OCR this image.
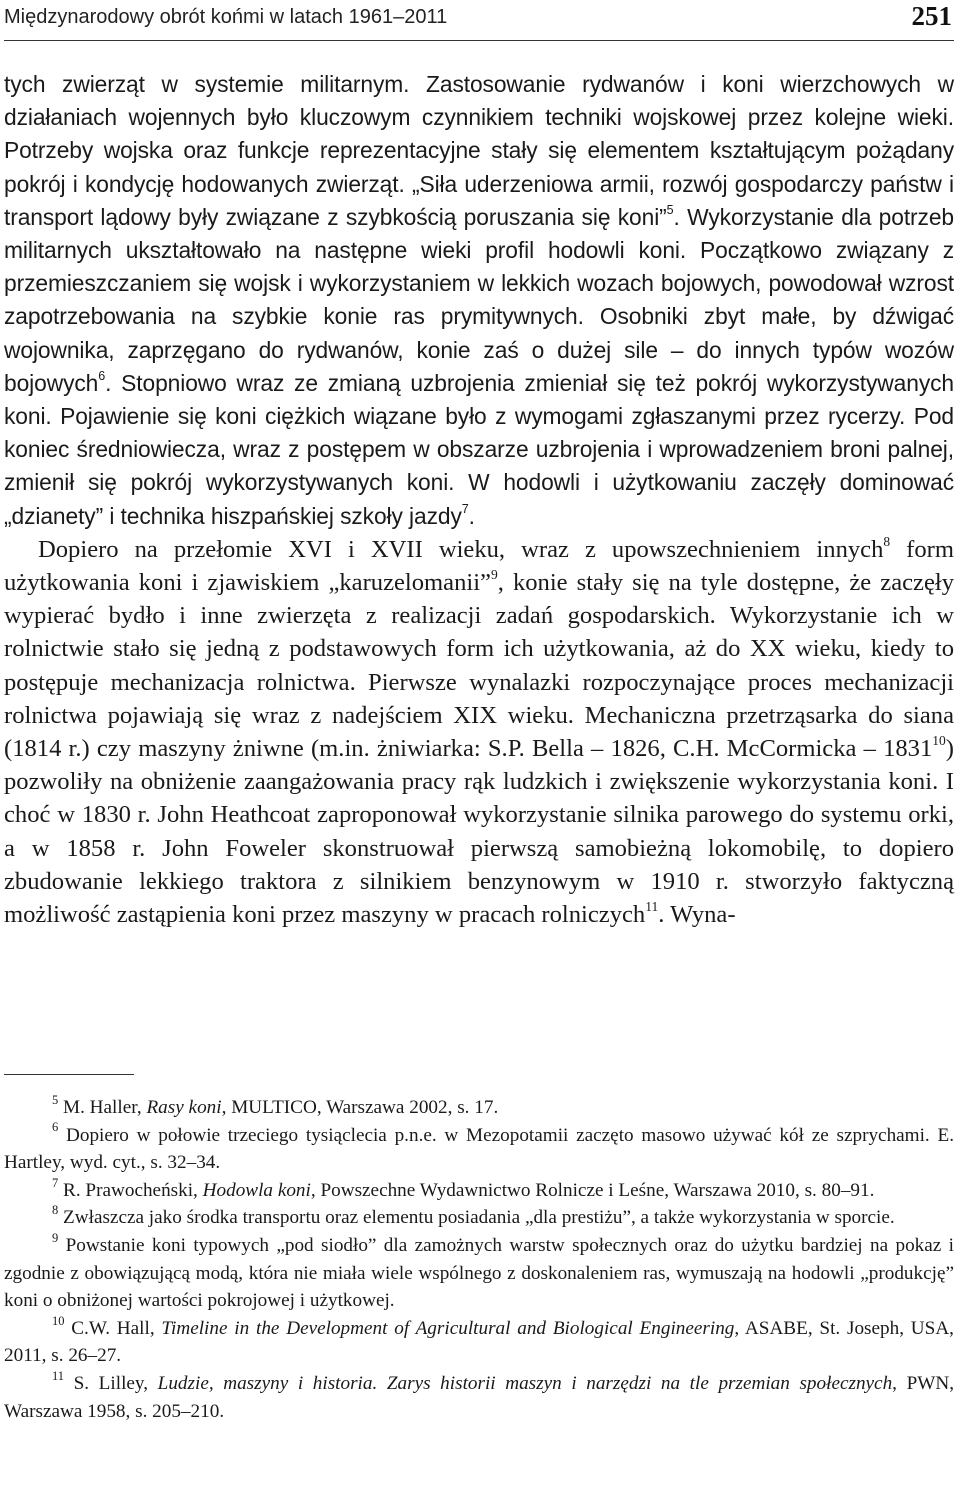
Międzynarodowy obrót końmi w latach 1961–2011	251

tych zwierząt w systemie militarnym. Zastosowanie rydwanów i koni wierzchowych w działaniach wojennych było kluczowym czynnikiem techniki wojskowej przez kolejne wieki. Potrzeby wojska oraz funkcje reprezentacyjne stały się elementem kształtującym pożądany pokrój i kondycję hodowanych zwierząt. „Siła uderzeniowa armii, rozwój gospodarczy państw i transport lądowy były związane z szybkością poruszania się koni”$^5$. Wykorzystanie dla potrzeb militarnych ukształtowało na następne wieki profil hodowli koni. Początkowo związany z przemieszczaniem się wojsk i wykorzystaniem w lekkich wozach bojowych, powodował wzrost zapotrzebowania na szybkie konie ras prymitywnych. Osobniki zbyt małe, by dźwigać wojownika, zaprzęgano do rydwanów, konie zaś o dużej sile – do innych typów wozów bojowych$^6$. Stopniowo wraz ze zmianą uzbrojenia zmieniał się też pokrój wykorzystywanych koni. Pojawienie się koni ciężkich wiązane było z wymogami zgłaszanymi przez rycerzy. Pod koniec średniowiecza, wraz z postępem w obszarze uzbrojenia i wprowadzeniem broni palnej, zmienił się pokrój wykorzystywanych koni. W hodowli i użytkowaniu zaczęły dominować „dzianety” i technika hiszpańskiej szkoły jazdy$^7$.

Dopiero na przełomie XVI i XVII wieku, wraz z upowszechnieniem innych$^8$ form użytkowania koni i zjawiskiem „karuzelomanii”$^9$, konie stały się na tyle dostępne, że zaczęły wypierać bydło i inne zwierzęta z realizacji zadań gospodarskich. Wykorzystanie ich w rolnictwie stało się jedną z podstawowych form ich użytkowania, aż do XX wieku, kiedy to postępuje mechanizacja rolnictwa. Pierwsze wynalazki rozpoczynające proces mechanizacji rolnictwa pojawiają się wraz z nadejściem XIX wieku. Mechaniczna przetrząsarka do siana (1814 r.) czy maszyny żniwne (m.in. żniwiarka: S.P. Bella – 1826, C.H. McCormicka – 1831$^{10}$) pozwoliły na obniżenie zaangażowania pracy rąk ludzkich i zwiększenie wykorzystania koni. I choć w 1830 r. John Heathcoat zaproponował wykorzystanie silnika parowego do systemu orki, a w 1858 r. John Foweler skonstruował pierwszą samobieżną lokomobilę, to dopiero zbudowanie lekkiego traktora z silnikiem benzynowym w 1910 r. stworzyło faktyczną możliwość zastąpienia koni przez maszyny w pracach rolniczych$^{11}$. Wyna-

$^5$ M. Haller, Rasy koni, MULTICO, Warszawa 2002, s. 17.

$^6$ Dopiero w połowie trzeciego tysiąclecia p.n.e. w Mezopotamii zaczęto masowo używać kół ze szprychami. E. Hartley, wyd. cyt., s. 32–34.

$^7$ R. Prawocheński, Hodowla koni, Powszechne Wydawnictwo Rolnicze i Leśne, Warszawa 2010, s. 80–91.

$^8$ Zwłaszcza jako środka transportu oraz elementu posiadania „dla prestiżu”, a także wykorzystania w sporcie.

$^9$ Powstanie koni typowych „pod siodło” dla zamożnych warstw społecznych oraz do użytku bardziej na pokaz i zgodnie z obowiązującą modą, która nie miała wiele wspólnego z doskonaleniem ras, wymuszają na hodowli „produkcję” koni o obniżonej wartości pokrojowej i użytkowej.

$^{10}$ C.W. Hall, Timeline in the Development of Agricultural and Biological Engineering, ASABE, St. Joseph, USA, 2011, s. 26–27.

$^{11}$ S. Lilley, Ludzie, maszyny i historia. Zarys historii maszyn i narzędzi na tle przemian społecznych, PWN, Warszawa 1958, s. 205–210.
